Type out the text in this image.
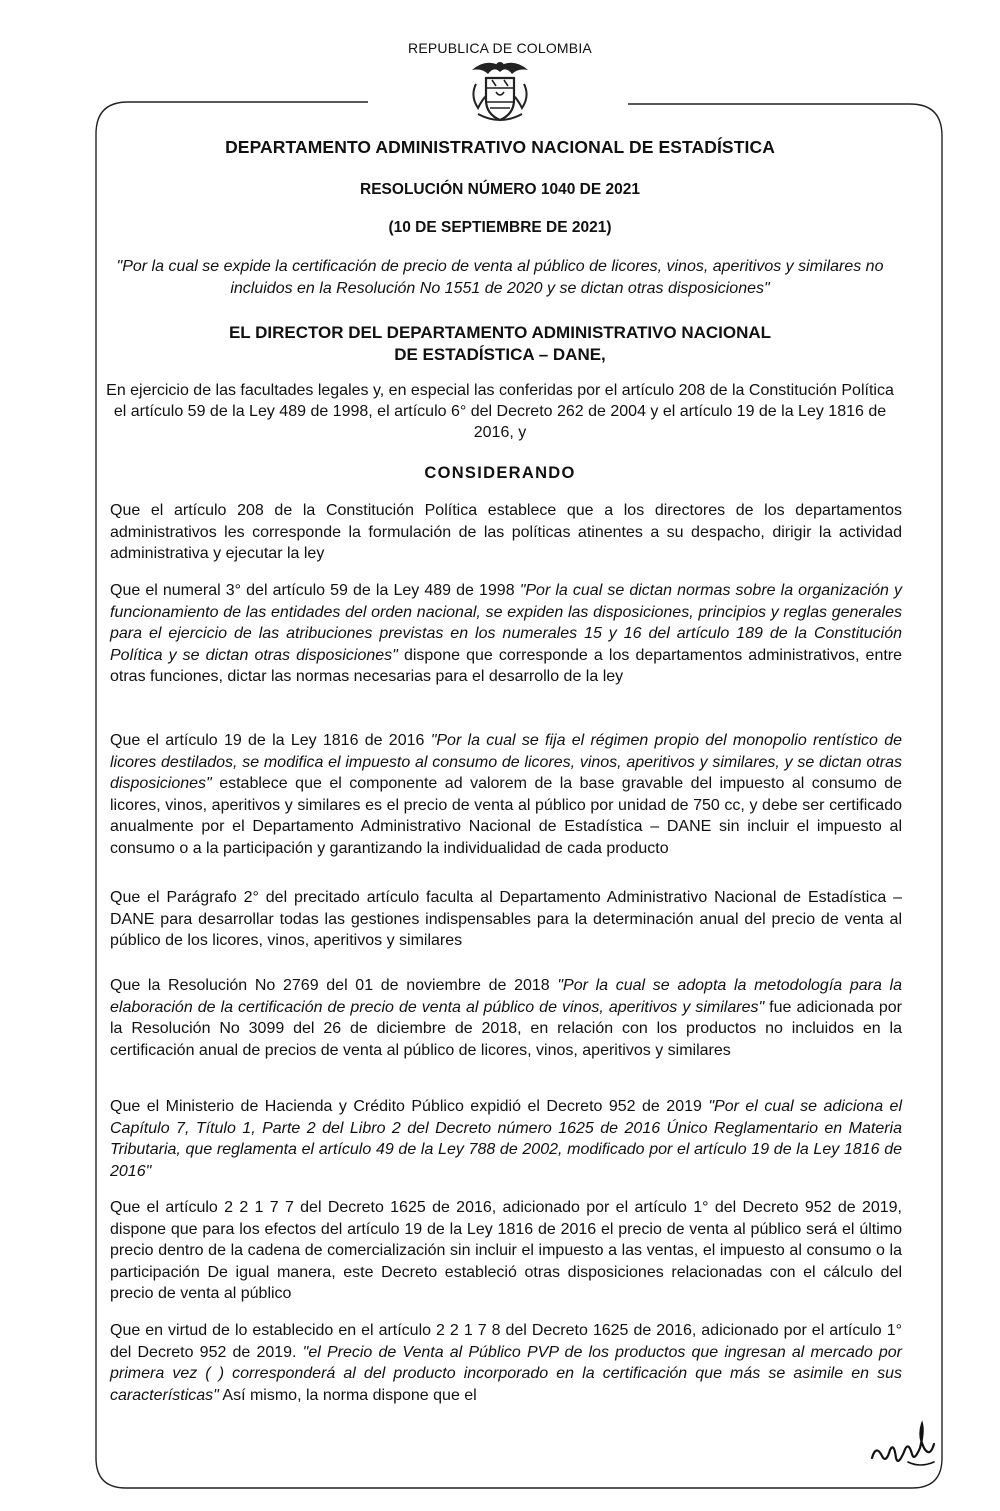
REPUBLICA DE COLOMBIA
DEPARTAMENTO ADMINISTRATIVO NACIONAL DE ESTADÍSTICA
RESOLUCIÓN NÚMERO 1040 DE 2021
(10 DE SEPTIEMBRE DE 2021)
"Por la cual se expide la certificación de precio de venta al público de licores, vinos, aperitivos y similares no incluidos en la Resolución No 1551 de 2020 y se dictan otras disposiciones"
EL DIRECTOR DEL DEPARTAMENTO ADMINISTRATIVO NACIONAL
DE ESTADÍSTICA – DANE,
En ejercicio de las facultades legales y, en especial las conferidas por el artículo 208 de la Constitución Política el artículo 59 de la Ley 489 de 1998, el artículo 6° del Decreto 262 de 2004 y el artículo 19 de la Ley 1816 de 2016, y
CONSIDERANDO
Que el artículo 208 de la Constitución Política establece que a los directores de los departamentos administrativos les corresponde la formulación de las políticas atinentes a su despacho, dirigir la actividad administrativa y ejecutar la ley
Que el numeral 3° del artículo 59 de la Ley 489 de 1998 "Por la cual se dictan normas sobre la organización y funcionamiento de las entidades del orden nacional, se expiden las disposiciones, principios y reglas generales para el ejercicio de las atribuciones previstas en los numerales 15 y 16 del artículo 189 de la Constitución Política y se dictan otras disposiciones" dispone que corresponde a los departamentos administrativos, entre otras funciones, dictar las normas necesarias para el desarrollo de la ley
Que el artículo 19 de la Ley 1816 de 2016 "Por la cual se fija el régimen propio del monopolio rentístico de licores destilados, se modifica el impuesto al consumo de licores, vinos, aperitivos y similares, y se dictan otras disposiciones" establece que el componente ad valorem de la base gravable del impuesto al consumo de licores, vinos, aperitivos y similares es el precio de venta al público por unidad de 750 cc, y debe ser certificado anualmente por el Departamento Administrativo Nacional de Estadística – DANE sin incluir el impuesto al consumo o a la participación y garantizando la individualidad de cada producto
Que el Parágrafo 2° del precitado artículo faculta al Departamento Administrativo Nacional de Estadística – DANE para desarrollar todas las gestiones indispensables para la determinación anual del precio de venta al público de los licores, vinos, aperitivos y similares
Que la Resolución No 2769 del 01 de noviembre de 2018 "Por la cual se adopta la metodología para la elaboración de la certificación de precio de venta al público de vinos, aperitivos y similares" fue adicionada por la Resolución No 3099 del 26 de diciembre de 2018, en relación con los productos no incluidos en la certificación anual de precios de venta al público de licores, vinos, aperitivos y similares
Que el Ministerio de Hacienda y Crédito Público expidió el Decreto 952 de 2019 "Por el cual se adiciona el Capítulo 7, Título 1, Parte 2 del Libro 2 del Decreto número 1625 de 2016 Único Reglamentario en Materia Tributaria, que reglamenta el artículo 49 de la Ley 788 de 2002, modificado por el artículo 19 de la Ley 1816 de 2016"
Que el artículo 2 2 1 7 7 del Decreto 1625 de 2016, adicionado por el artículo 1° del Decreto 952 de 2019, dispone que para los efectos del artículo 19 de la Ley 1816 de 2016 el precio de venta al público será el último precio dentro de la cadena de comercialización sin incluir el impuesto a las ventas, el impuesto al consumo o la participación De igual manera, este Decreto estableció otras disposiciones relacionadas con el cálculo del precio de venta al público
Que en virtud de lo establecido en el artículo 2 2 1 7 8 del Decreto 1625 de 2016, adicionado por el artículo 1° del Decreto 952 de 2019. "el Precio de Venta al Público PVP de los productos que ingresan al mercado por primera vez ( ) corresponderá al del producto incorporado en la certificación que más se asimile en sus características" Así mismo, la norma dispone que el
